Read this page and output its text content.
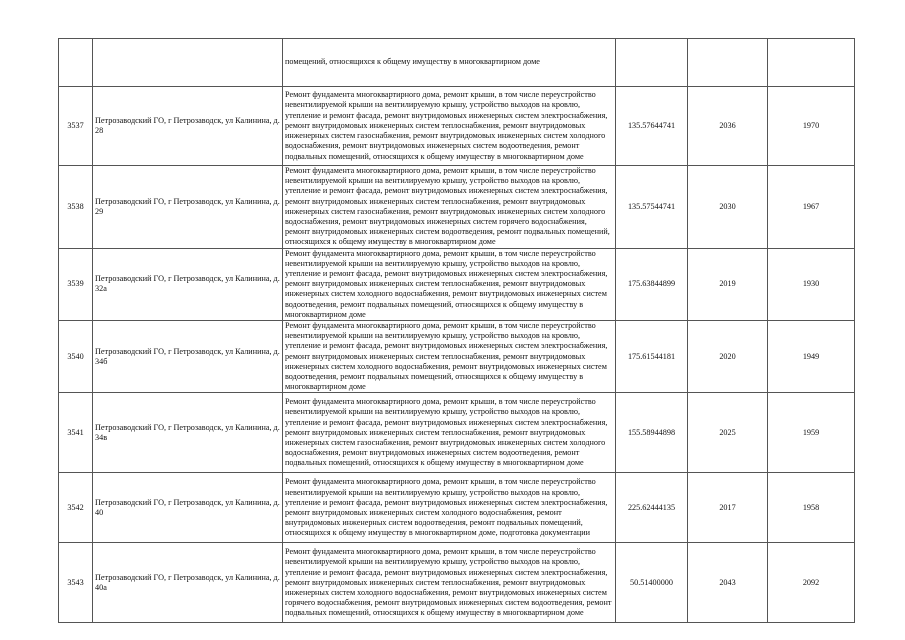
		помещений, относящихся к общему имуществу в многоквартирном доме			
3537	Петрозаводский ГО, г Петрозаводск, ул Калинина, д. 28	Ремонт фундамента многоквартирного дома, ремонт крыши, в том числе переустройство невентилируемой крыши на вентилируемую крышу, устройство выходов на кровлю, утепление и ремонт фасада, ремонт внутридомовых инженерных систем электроснабжения, ремонт внутридомовых инженерных систем теплоснабжения, ремонт внутридомовых инженерных систем газоснабжения, ремонт внутридомовых инженерных систем холодного водоснабжения, ремонт внутридомовых инженерных систем водоотведения, ремонт подвальных помещений, относящихся к общему имуществу в многоквартирном доме	135.57644741	2036	1970
3538	Петрозаводский ГО, г Петрозаводск, ул Калинина, д. 29	Ремонт фундамента многоквартирного дома, ремонт крыши, в том числе переустройство невентилируемой крыши на вентилируемую крышу, устройство выходов на кровлю, утепление и ремонт фасада, ремонт внутридомовых инженерных систем электроснабжения, ремонт внутридомовых инженерных систем теплоснабжения, ремонт внутридомовых инженерных систем газоснабжения, ремонт внутридомовых инженерных систем холодного водоснабжения, ремонт внутридомовых инженерных систем горячего водоснабжения, ремонт внутридомовых инженерных систем водоотведения, ремонт подвальных помещений, относящихся к общему имуществу в многоквартирном доме	135.57544741	2030	1967
3539	Петрозаводский ГО, г Петрозаводск, ул Калинина, д. 32а	Ремонт фундамента многоквартирного дома, ремонт крыши, в том числе переустройство невентилируемой крыши на вентилируемую крышу, устройство выходов на кровлю, утепление и ремонт фасада, ремонт внутридомовых инженерных систем электроснабжения, ремонт внутридомовых инженерных систем теплоснабжения, ремонт внутридомовых инженерных систем холодного водоснабжения, ремонт внутридомовых инженерных систем водоотведения, ремонт подвальных помещений, относящихся к общему имуществу в многоквартирном доме	175.63844899	2019	1930
3540	Петрозаводский ГО, г Петрозаводск, ул Калинина, д. 34б	Ремонт фундамента многоквартирного дома, ремонт крыши, в том числе переустройство невентилируемой крыши на вентилируемую крышу, устройство выходов на кровлю, утепление и ремонт фасада, ремонт внутридомовых инженерных систем электроснабжения, ремонт внутридомовых инженерных систем теплоснабжения, ремонт внутридомовых инженерных систем холодного водоснабжения, ремонт внутридомовых инженерных систем водоотведения, ремонт подвальных помещений, относящихся к общему имуществу в многоквартирном доме	175.61544181	2020	1949
3541	Петрозаводский ГО, г Петрозаводск, ул Калинина, д. 34в	Ремонт фундамента многоквартирного дома, ремонт крыши, в том числе переустройство невентилируемой крыши на вентилируемую крышу, устройство выходов на кровлю, утепление и ремонт фасада, ремонт внутридомовых инженерных систем электроснабжения, ремонт внутридомовых инженерных систем теплоснабжения, ремонт внутридомовых инженерных систем газоснабжения, ремонт внутридомовых инженерных систем холодного водоснабжения, ремонт внутридомовых инженерных систем водоотведения, ремонт подвальных помещений, относящихся к общему имуществу в многоквартирном доме	155.58944898	2025	1959
3542	Петрозаводский ГО, г Петрозаводск, ул Калинина, д. 40	Ремонт фундамента многоквартирного дома, ремонт крыши, в том числе переустройство невентилируемой крыши на вентилируемую крышу, устройство выходов на кровлю, утепление и ремонт фасада, ремонт внутридомовых инженерных систем электроснабжения, ремонт внутридомовых инженерных систем холодного водоснабжения, ремонт внутридомовых инженерных систем водоотведения, ремонт подвальных помещений, относящихся к общему имуществу в многоквартирном доме, подготовка документации	225.62444135	2017	1958
3543	Петрозаводский ГО, г Петрозаводск, ул Калинина, д. 40а	Ремонт фундамента многоквартирного дома, ремонт крыши, в том числе переустройство невентилируемой крыши на вентилируемую крышу, устройство выходов на кровлю, утепление и ремонт фасада, ремонт внутридомовых инженерных систем электроснабжения, ремонт внутридомовых инженерных систем теплоснабжения, ремонт внутридомовых инженерных систем холодного водоснабжения, ремонт внутридомовых инженерных систем горячего водоснабжения, ремонт внутридомовых инженерных систем водоотведения, ремонт подвальных помещений, относящихся к общему имуществу в многоквартирном доме	50.51400000	2043	2092
